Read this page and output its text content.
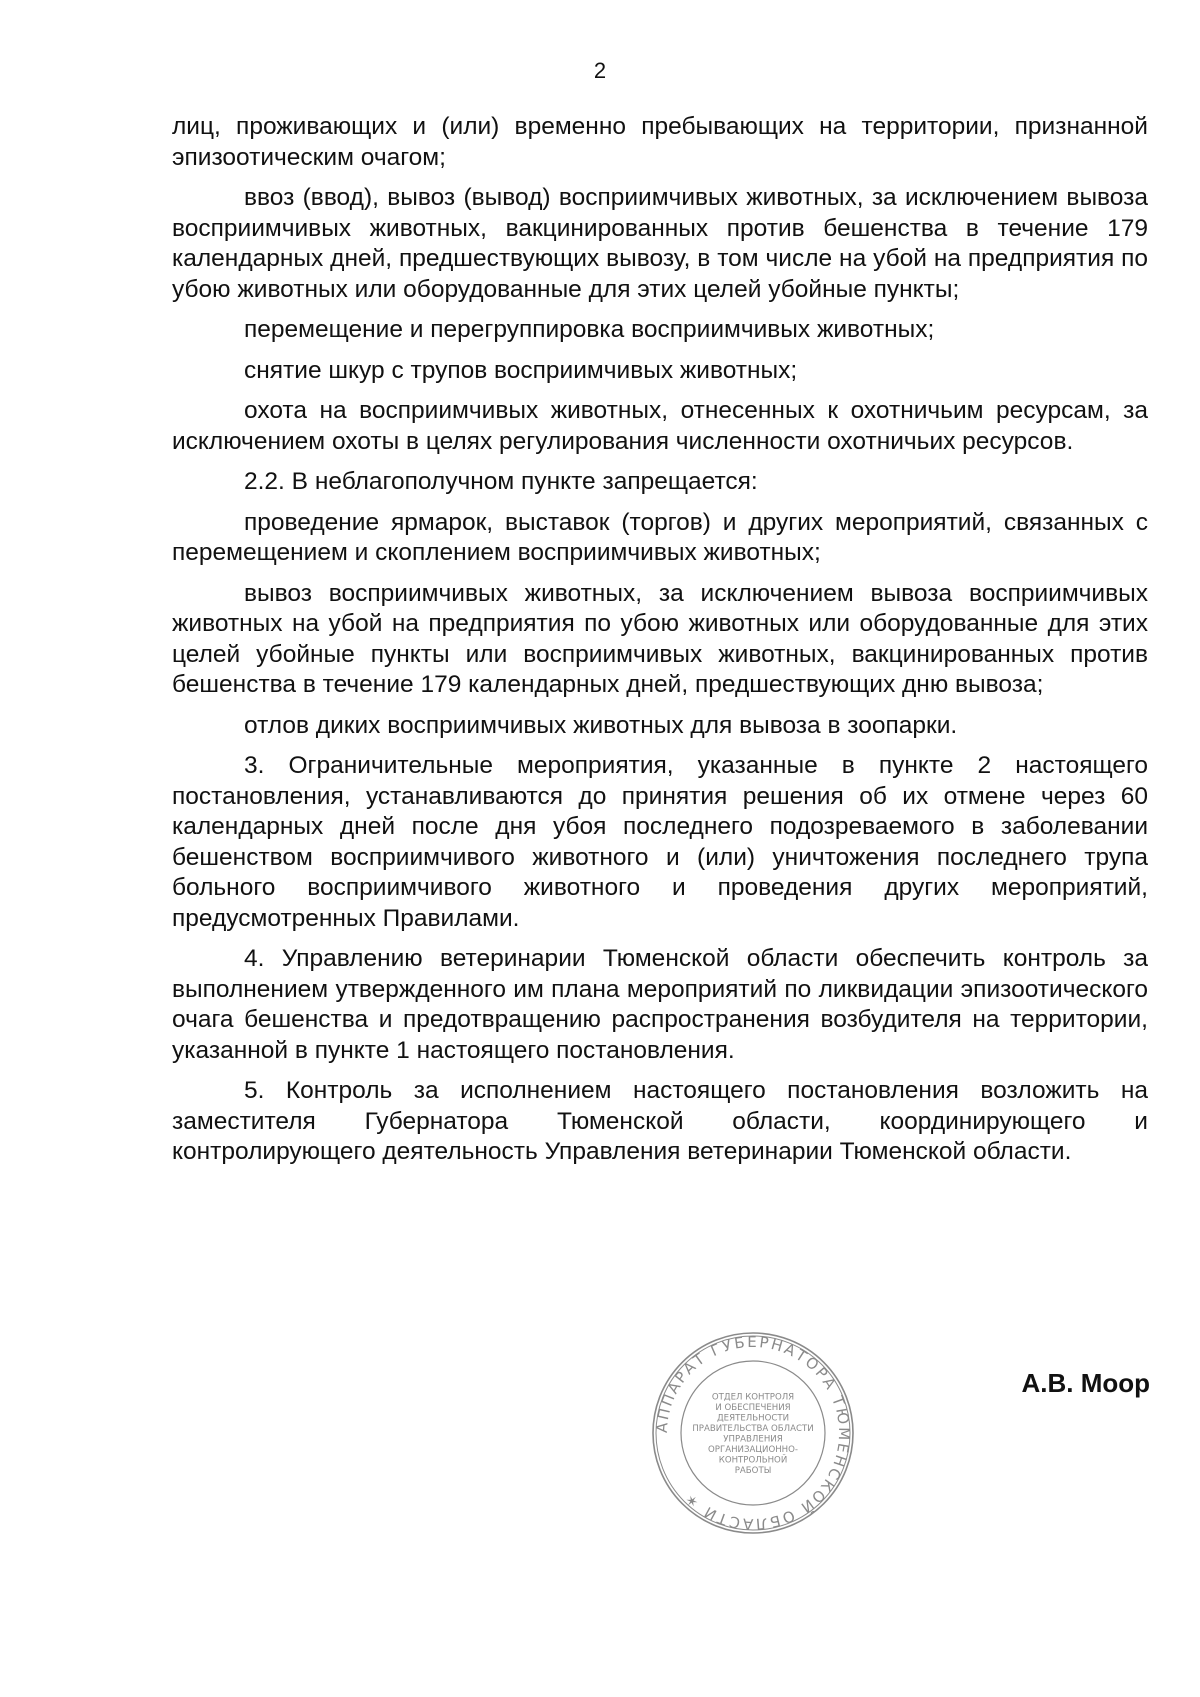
2

лиц, проживающих и (или) временно пребывающих на территории, признанной эпизоотическим очагом;

ввоз (ввод), вывоз (вывод) восприимчивых животных, за исключением вывоза восприимчивых животных, вакцинированных против бешенства в течение 179 календарных дней, предшествующих вывозу, в том числе на убой на предприятия по убою животных или оборудованные для этих целей убойные пункты;

перемещение и перегруппировка восприимчивых животных;

снятие шкур с трупов восприимчивых животных;

охота на восприимчивых животных, отнесенных к охотничьим ресурсам, за исключением охоты в целях регулирования численности охотничьих ресурсов.

2.2. В неблагополучном пункте запрещается:

проведение ярмарок, выставок (торгов) и других мероприятий, связанных с перемещением и скоплением восприимчивых животных;

вывоз восприимчивых животных, за исключением вывоза восприимчивых животных на убой на предприятия по убою животных или оборудованные для этих целей убойные пункты или восприимчивых животных, вакцинированных против бешенства в течение 179 календарных дней, предшествующих дню вывоза;

отлов диких восприимчивых животных для вывоза в зоопарки.

3. Ограничительные мероприятия, указанные в пункте 2 настоящего постановления, устанавливаются до принятия решения об их отмене через 60 календарных дней после дня убоя последнего подозреваемого в заболевании бешенством восприимчивого животного и (или) уничтожения последнего трупа больного восприимчивого животного и проведения других мероприятий, предусмотренных Правилами.

4. Управлению ветеринарии Тюменской области обеспечить контроль за выполнением утвержденного им плана мероприятий по ликвидации эпизоотического очага бешенства и предотвращению распространения возбудителя на территории, указанной в пункте 1 настоящего постановления.

5. Контроль за исполнением настоящего постановления возложить на заместителя Губернатора Тюменской области, координирующего и контролирующего деятельность Управления ветеринарии Тюменской области.

АППАРАТ ГУБЕРНАТОРА ТЮМЕНСКОЙ ОБЛАСТИ ✶
ОТДЕЛ КОНТРОЛЯ
И ОБЕСПЕЧЕНИЯ
ДЕЯТЕЛЬНОСТИ
ПРАВИТЕЛЬСТВА ОБЛАСТИ
УПРАВЛЕНИЯ
ОРГАНИЗАЦИОННО-
КОНТРОЛЬНОЙ
РАБОТЫ
А.В. Моор
